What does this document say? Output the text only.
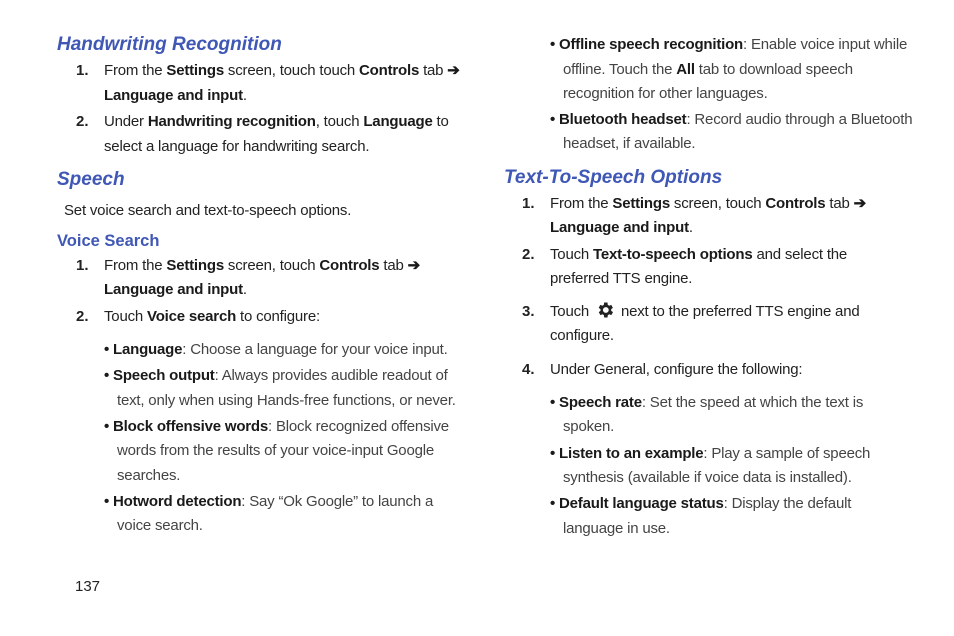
Handwriting Recognition
1. From the Settings screen, touch touch Controls tab ➔
Language and input.
2. Under Handwriting recognition, touch Language to
select a language for handwriting search.
Speech
Set voice search and text-to-speech options.
Voice Search
1. From the Settings screen, touch Controls tab ➔
Language and input.
2. Touch Voice search to configure:
• Language: Choose a language for your voice input.
• Speech output: Always provides audible readout of
text, only when using Hands-free functions, or never.
• Block offensive words: Block recognized offensive
words from the results of your voice-input Google
searches.
• Hotword detection: Say “Ok Google” to launch a
voice search.
• Offline speech recognition: Enable voice input while
offline. Touch the All tab to download speech
recognition for other languages.
• Bluetooth headset: Record audio through a Bluetooth
headset, if available.
Text-To-Speech Options
1. From the Settings screen, touch Controls tab ➔
Language and input.
2. Touch Text-to-speech options and select the
preferred TTS engine.
3. Touch  next to the preferred TTS engine and
configure.
4. Under General, configure the following:
• Speech rate: Set the speed at which the text is
spoken.
• Listen to an example: Play a sample of speech
synthesis (available if voice data is installed).
• Default language status: Display the default
language in use.
137
